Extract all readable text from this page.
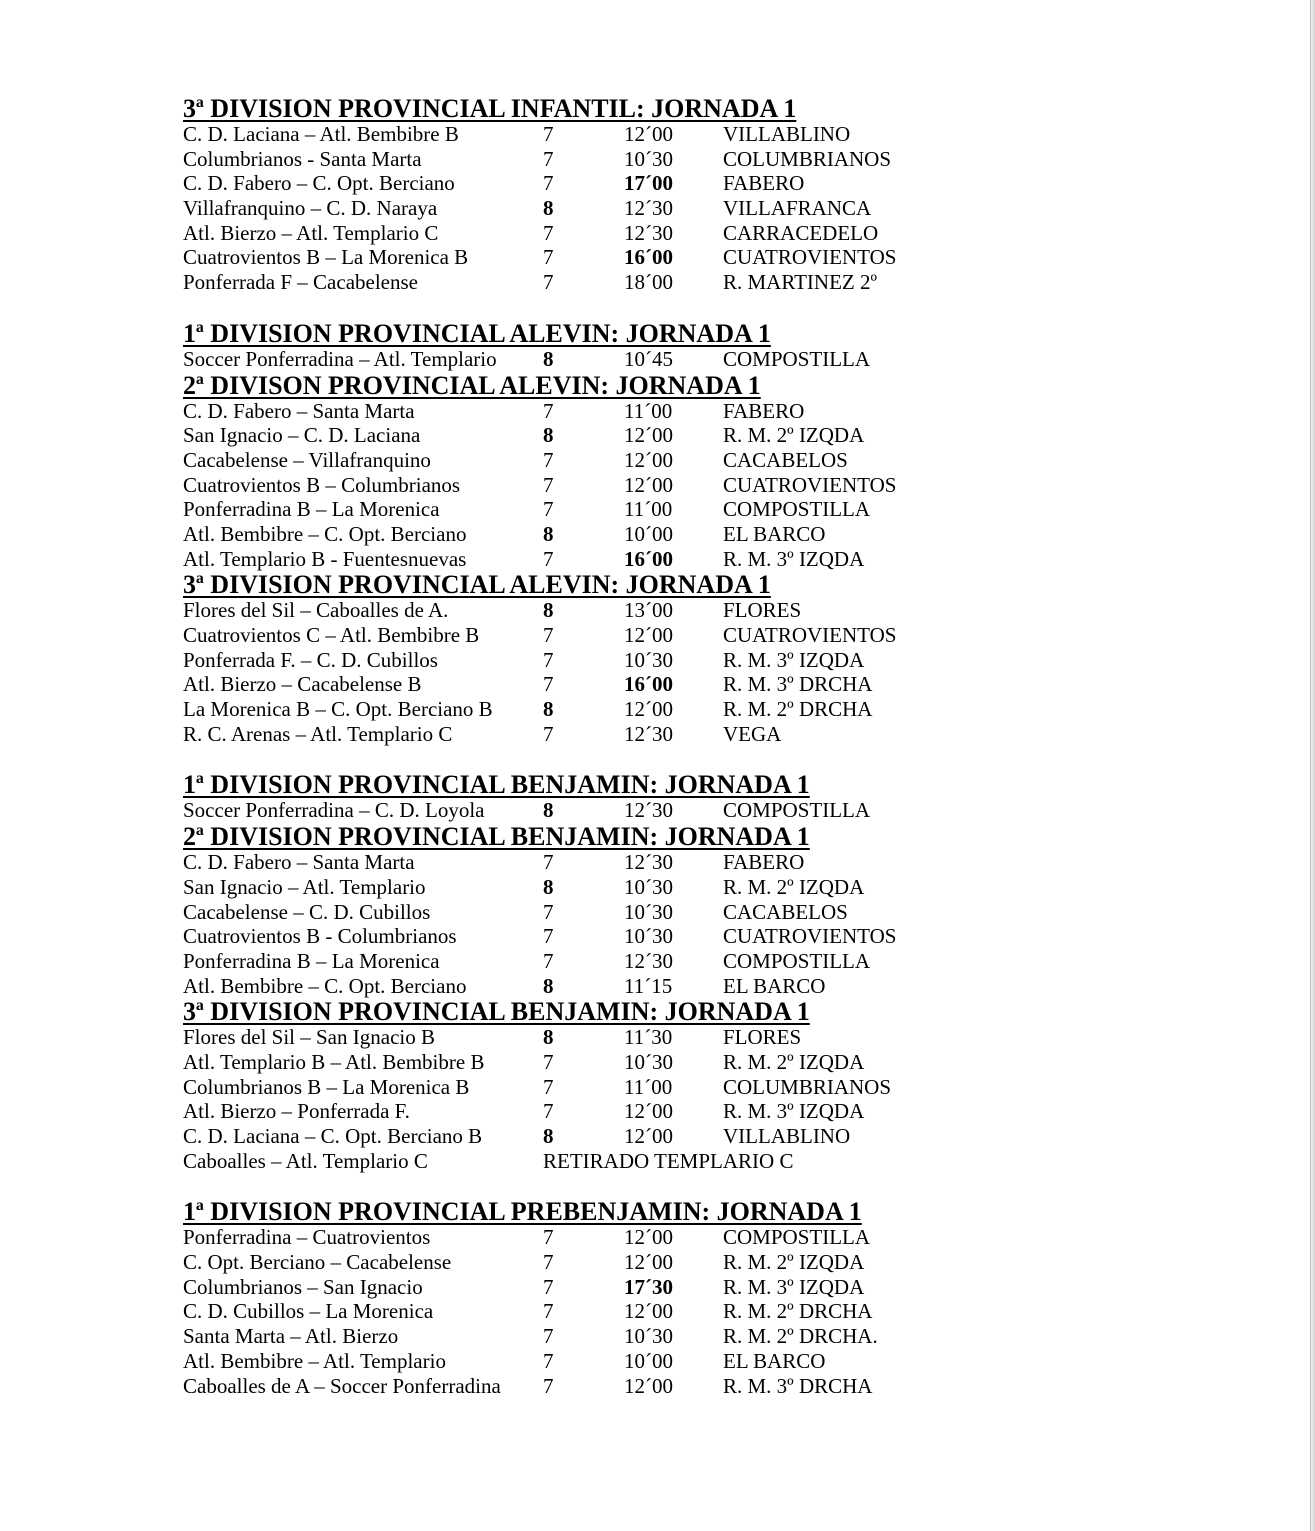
3ª DIVISION PROVINCIAL INFANTIL: JORNADA 1
C. D. Laciana – Atl. Bembibre B	7	12´00 VILLABLINO
Columbrianos - Santa Marta	7	10´30 COLUMBRIANOS
C. D. Fabero – C. Opt. Berciano	7	17´00 FABERO
Villafranquino – C. D. Naraya	8	12´30 VILLAFRANCA
Atl. Bierzo – Atl. Templario C	7	12´30 CARRACEDELO
Cuatrovientos B – La Morenica B	7	16´00 CUATROVIENTOS
Ponferrada F – Cacabelense	7	18´00 R. MARTINEZ 2º
1ª DIVISION PROVINCIAL ALEVIN: JORNADA 1
Soccer Ponferradina – Atl. Templario 8	10´45 COMPOSTILLA
2ª DIVISON PROVINCIAL ALEVIN: JORNADA 1
C. D. Fabero – Santa Marta	7	11´00 FABERO
San Ignacio – C. D. Laciana	8	12´00 R. M. 2º IZQDA
Cacabelense – Villafranquino	7	12´00 CACABELOS
Cuatrovientos B – Columbrianos	7	12´00 CUATROVIENTOS
Ponferradina B – La Morenica	7	11´00 COMPOSTILLA
Atl. Bembibre – C. Opt. Berciano	8	10´00 EL BARCO
Atl. Templario B - Fuentesnuevas	7	16´00 R. M. 3º IZQDA
3ª DIVISION PROVINCIAL ALEVIN: JORNADA 1
Flores del Sil – Caboalles de A.	8	13´00 FLORES
Cuatrovientos C – Atl. Bembibre B	7	12´00 CUATROVIENTOS
Ponferrada F. – C. D. Cubillos	7	10´30 R. M. 3º IZQDA
Atl. Bierzo – Cacabelense B	7	16´00 R. M. 3º DRCHA
La Morenica B – C. Opt. Berciano B 8	12´00 R. M. 2º DRCHA
R. C. Arenas – Atl. Templario C	7	12´30 VEGA
1ª DIVISION PROVINCIAL BENJAMIN: JORNADA 1
Soccer Ponferradina – C. D. Loyola	8	12´30 COMPOSTILLA
2ª DIVISION PROVINCIAL BENJAMIN: JORNADA 1
C. D. Fabero – Santa Marta	7	12´30 FABERO
San Ignacio – Atl. Templario	8	10´30 R. M. 2º IZQDA
Cacabelense – C. D. Cubillos	7	10´30 CACABELOS
Cuatrovientos B - Columbrianos	7	10´30 CUATROVIENTOS
Ponferradina B – La Morenica	7	12´30 COMPOSTILLA
Atl. Bembibre – C. Opt. Berciano	8	11´15 EL BARCO
3ª DIVISION PROVINCIAL BENJAMIN: JORNADA 1
Flores del Sil – San Ignacio B	8	11´30 FLORES
Atl. Templario B – Atl. Bembibre B	7	10´30 R. M. 2º IZQDA
Columbrianos B – La Morenica B	7	11´00 COLUMBRIANOS
Atl. Bierzo – Ponferrada F.	7	12´00 R. M. 3º IZQDA
C. D. Laciana – C. Opt. Berciano B	8	12´00 VILLABLINO
Caboalles – Atl. Templario C	RETIRADO TEMPLARIO C
1ª DIVISION PROVINCIAL PREBENJAMIN: JORNADA 1
Ponferradina – Cuatrovientos	7	12´00 COMPOSTILLA
C. Opt. Berciano – Cacabelense	7	12´00 R. M. 2º IZQDA
Columbrianos – San Ignacio	7	17´30 R. M. 3º IZQDA
C. D. Cubillos – La Morenica	7	12´00 R. M. 2º DRCHA
Santa Marta – Atl. Bierzo	7	10´30 R. M. 2º DRCHA.
Atl. Bembibre – Atl. Templario	7	10´00 EL BARCO
Caboalles de A – Soccer Ponferradina 7	12´00 R. M. 3º DRCHA
